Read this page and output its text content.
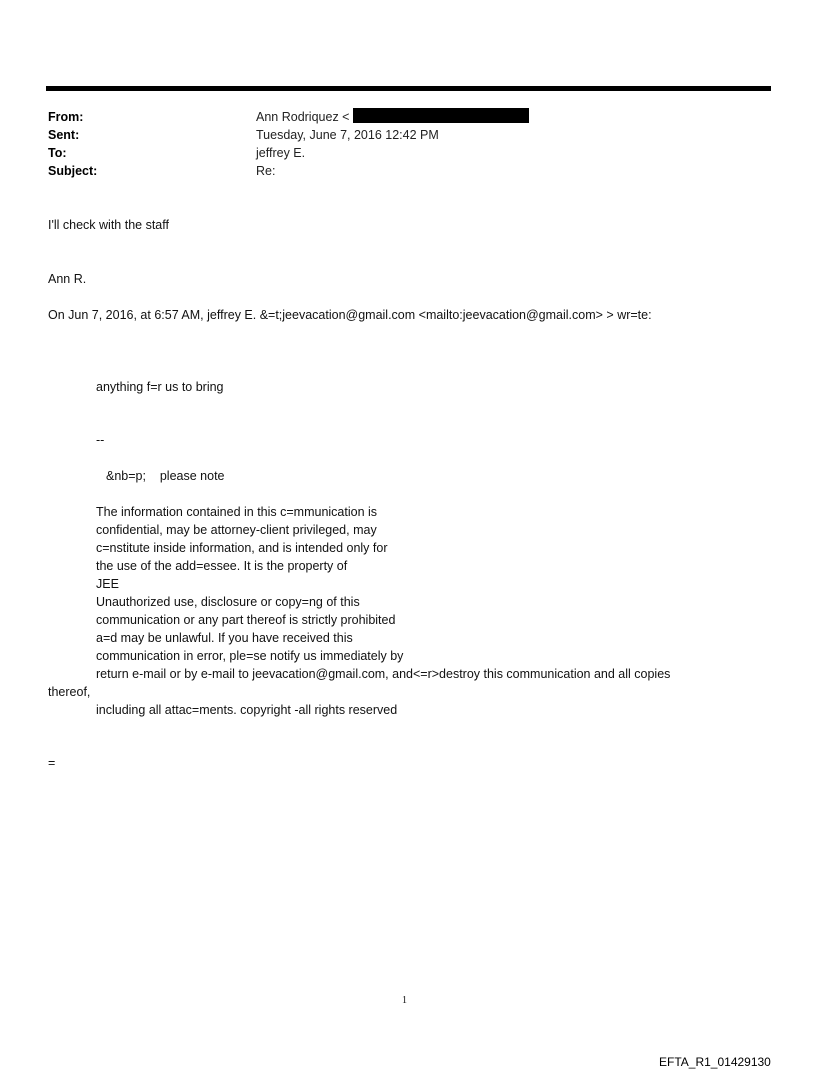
From:	Ann Rodriquez <
Sent:	Tuesday, June 7, 2016 12:42 PM
To:	jeffrey E.
Subject:	Re:
I'll check with the staff
Ann R.
On Jun 7, 2016, at 6:57 AM, jeffrey E. &=t;jeevacation@gmail.com <mailto:jeevacation@gmail.com> > wr=te:
anything f=r us to bring
--
&nb=p;    please note
The information contained in this c=mmunication is
confidential, may be attorney-client privileged, may
c=nstitute inside information, and is intended only for
the use of the add=essee. It is the property of
JEE
Unauthorized use, disclosure or copy=ng of this
communication or any part thereof is strictly prohibited
a=d may be unlawful. If you have received this
communication in error, ple=se notify us immediately by
return e-mail or by e-mail to jeevacation@gmail.com, and<=r>destroy this communication and all copies
thereof,
including all attac=ments. copyright -all rights reserved
=
1
EFTA_R1_01429130
